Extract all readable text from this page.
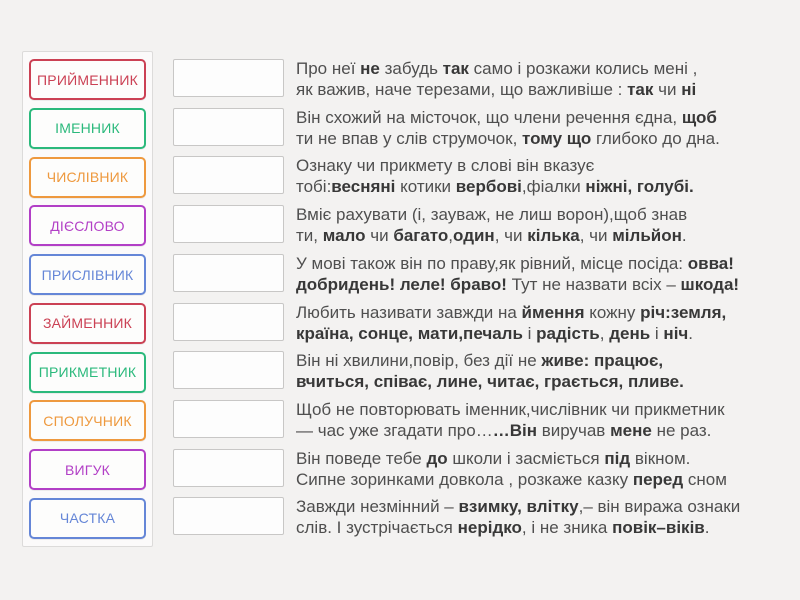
ПРИЙМЕННИК
ІМЕННИК
ЧИСЛІВНИК
ДІЄСЛОВО
ПРИСЛІВНИК
ЗАЙМЕННИК
ПРИКМЕТНИК
СПОЛУЧНИК
ВИГУК
ЧАСТКА

Про неї не забудь так само і розкажи колись мені ,
як важив, наче терезами, що важливіше : так чи ні

Він схожий на місточок, що члени речення єдна, щоб
ти не впав у слів струмочок, тому що глибоко до дна.

Ознаку чи прикмету в слові він вказує
тобі:весняні котики вербові,фіалки ніжні, голубі.

Вміє рахувати (і, зауваж, не лиш ворон),щоб знав
ти, мало чи багато,один, чи кілька, чи мільйон.

У мові також він по праву,як рівний, місце посіда: овва!
добридень! леле! браво! Тут не назвати всіх – шкода!

Любить називати завжди на ймення кожну річ:земля,
країна, сонце, мати,печаль і радість, день і ніч.

Він ні хвилини,повір, без дії не живе: працює,
вчиться, співає, лине, читає, грається, пливе.

Щоб не повторювать іменник,числівник чи прикметник
— час уже згадати про……Він виручав мене не раз.

Він поведе тебе до школи і засміється під вікном.
Сипне зоринками довкола , розкаже казку перед сном

Завжди незмінний – взимку, влітку,– він виража ознаки
слів. І зустрічається нерідко, і не зника повік–віків.
